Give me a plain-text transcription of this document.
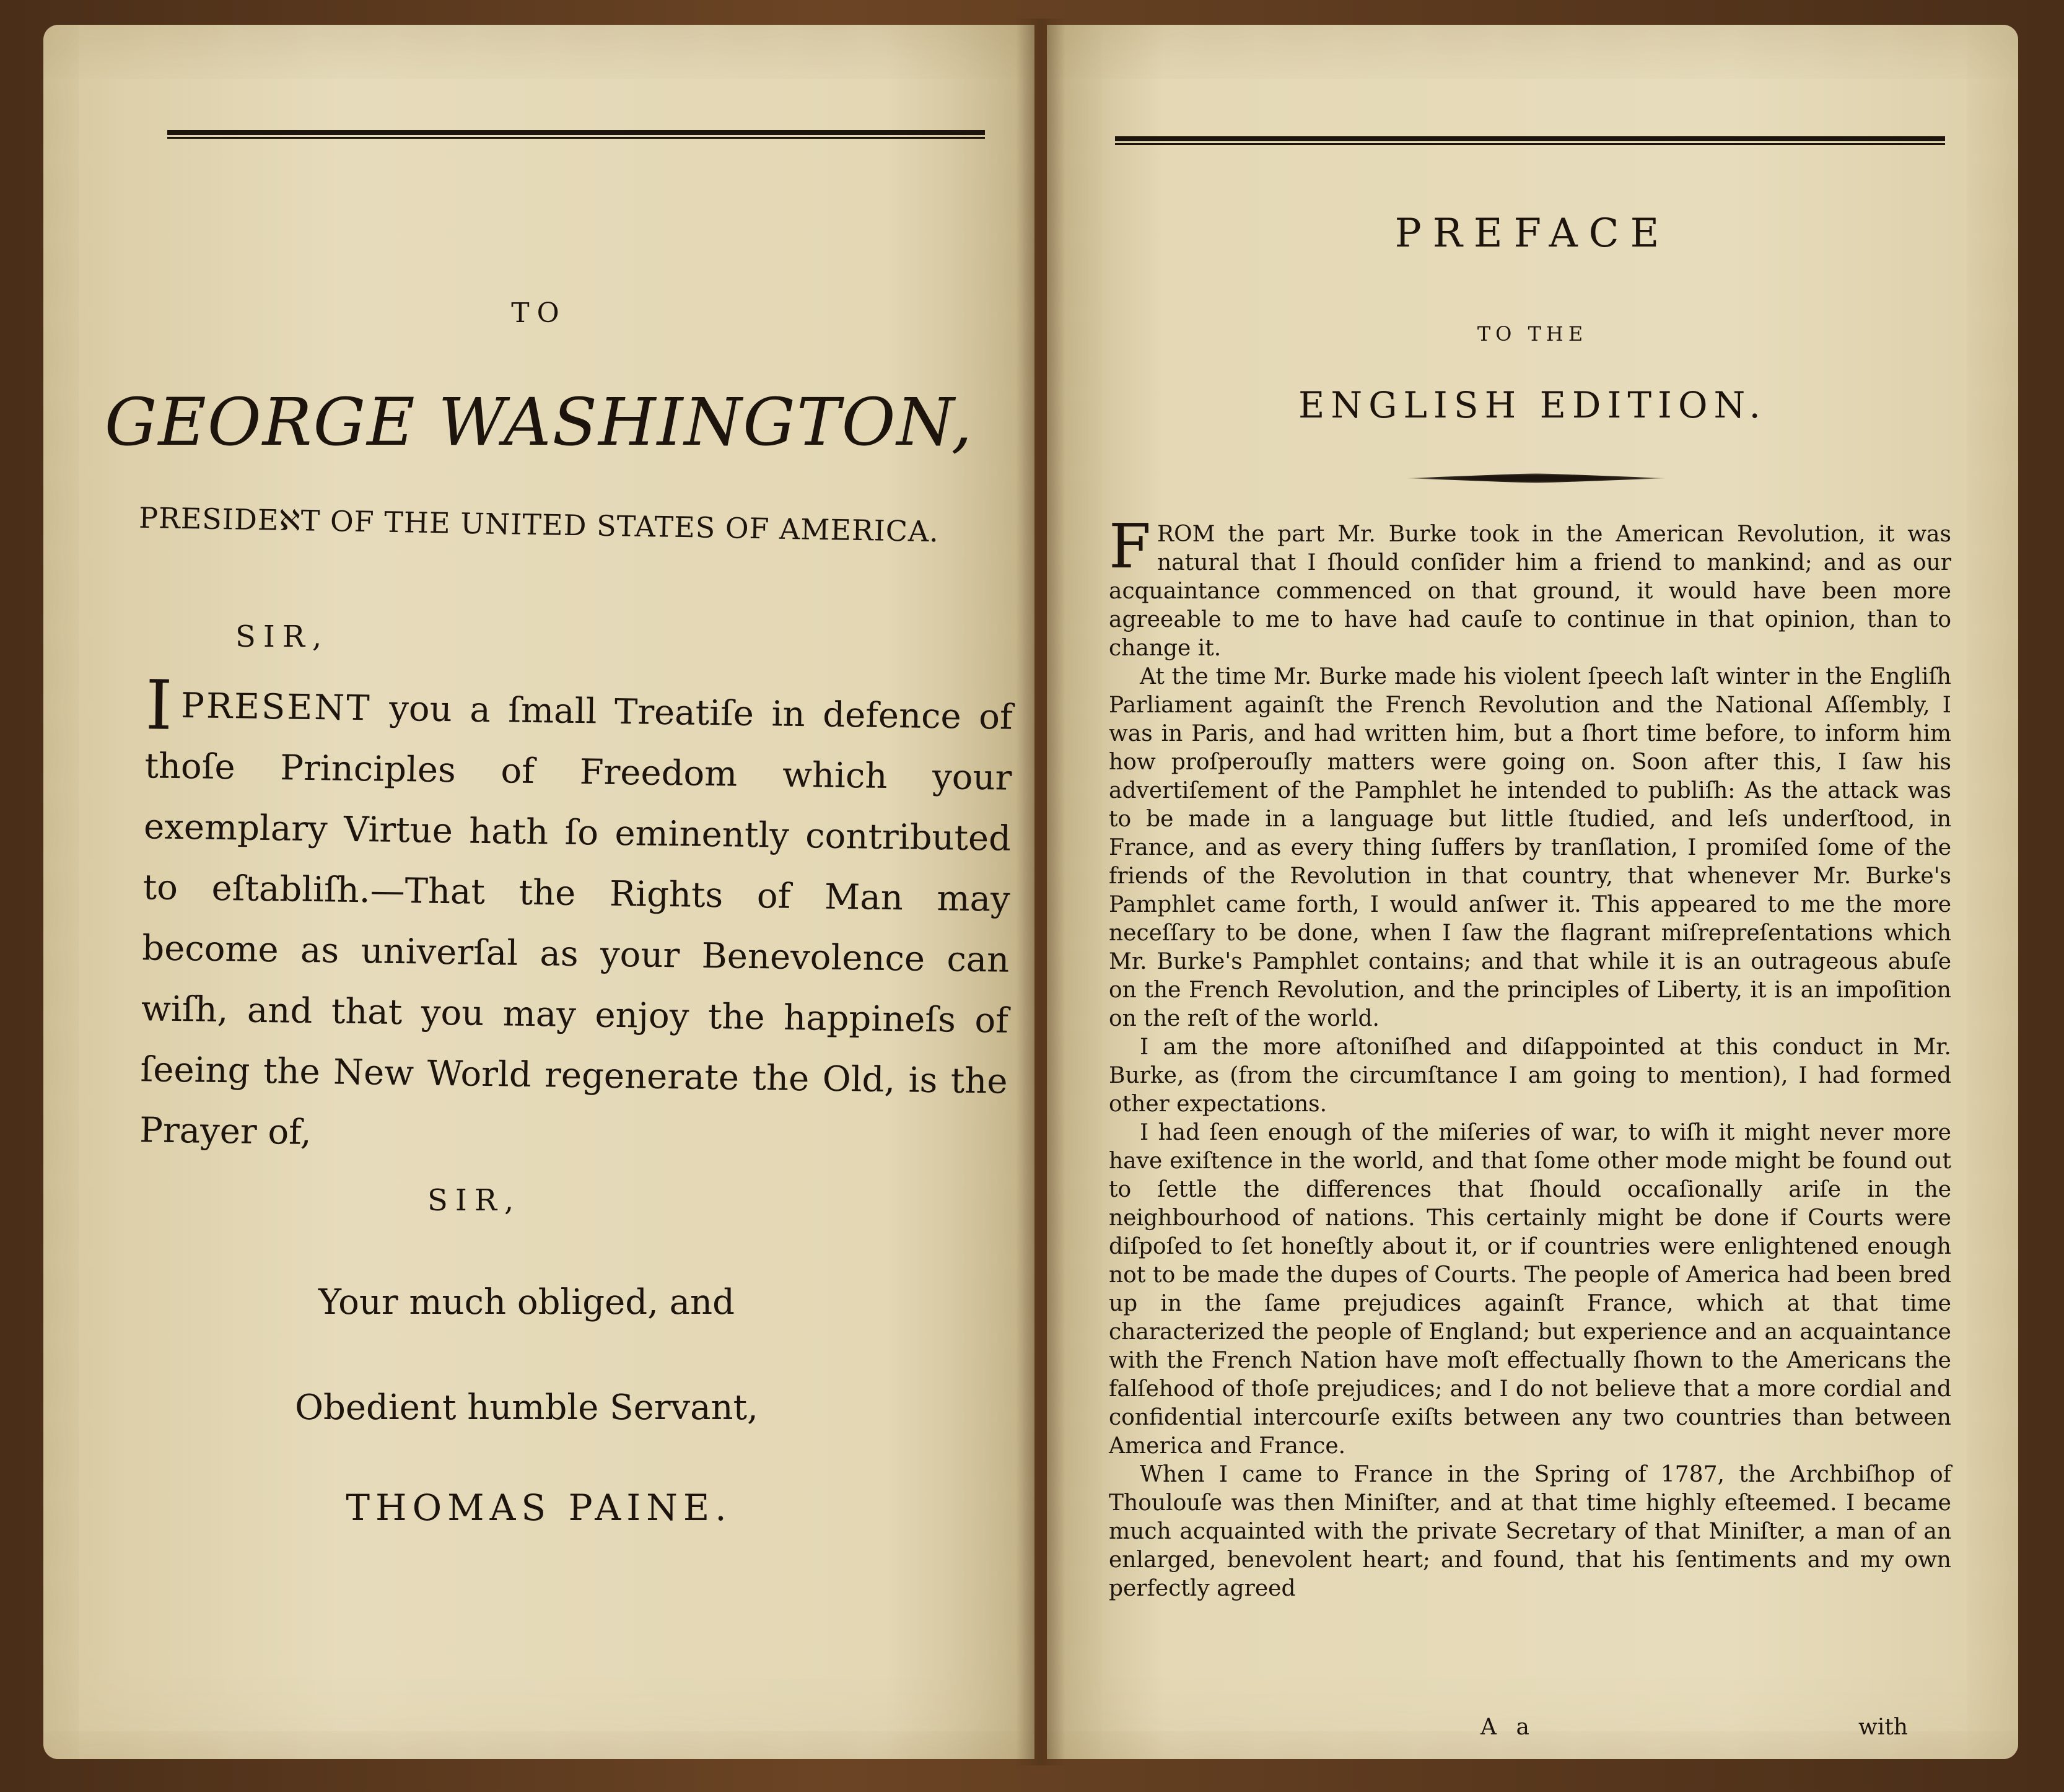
TO
GEORGE WASHINGTON,
PRESIDEℵT OF THE UNITED STATES OF AMERICA.
SIR,
IPRESENT you a ſmall Treatiſe in defence of thoſe Principles of Freedom which your exemplary Virtue hath ſo eminently contributed to eſtabliſh.—That the Rights of Man may become as univerſal as your Benevolence can wiſh, and that you may enjoy the happineſs of ſeeing the New World regenerate the Old, is the Prayer of,
SIR,
Your much obliged, and
Obedient humble Servant,
THOMAS PAINE.
PREFACE
TO THE
ENGLISH EDITION.

FROM the part Mr. Burke took in the American Revolution, it was natural that I ſhould conſider him a friend to mankind; and as our acquaintance commenced on that ground, it would have been more agreeable to me to have had cauſe to continue in that opinion, than to change it.

At the time Mr. Burke made his violent ſpeech laſt winter in the Engliſh Parliament againſt the French Revolution and the National Aſſembly, I was in Paris, and had written him, but a ſhort time before, to inform him how proſperouſly matters were going on. Soon after this, I ſaw his advertiſement of the Pamphlet he intended to publiſh: As the attack was to be made in a language but little ſtudied, and leſs underſtood, in France, and as every thing ſuffers by tranſlation, I promiſed ſome of the friends of the Revolution in that country, that whenever Mr. Burke's Pamphlet came forth, I would anſwer it. This appeared to me the more neceſſary to be done, when I ſaw the flagrant miſrepreſentations which Mr. Burke's Pamphlet contains; and that while it is an outrageous abuſe on the French Revolution, and the principles of Liberty, it is an impoſition on the reſt of the world.

I am the more aſtoniſhed and diſappointed at this conduct in Mr. Burke, as (from the circumſtance I am going to mention), I had formed other expectations.

I had ſeen enough of the miſeries of war, to wiſh it might never more have exiſtence in the world, and that ſome other mode might be found out to ſettle the differences that ſhould occaſionally ariſe in the neighbourhood of nations. This certainly might be done if Courts were diſpoſed to ſet honeſtly about it, or if countries were enlightened enough not to be made the dupes of Courts. The people of America had been bred up in the ſame prejudices againſt France, which at that time characterized the people of England; but experience and an acquaintance with the French Nation have moſt effectually ſhown to the Americans the falſehood of thoſe prejudices; and I do not believe that a more cordial and confidential intercourſe exiſts between any two countries than between America and France.

When I came to France in the Spring of 1787, the Archbiſhop of Thoulouſe was then Miniſter, and at that time highly eſteemed. I became much acquainted with the private Secretary of that Miniſter, a man of an enlarged, benevolent heart; and found, that his ſentiments and my own perfectly agreed

A a	with
